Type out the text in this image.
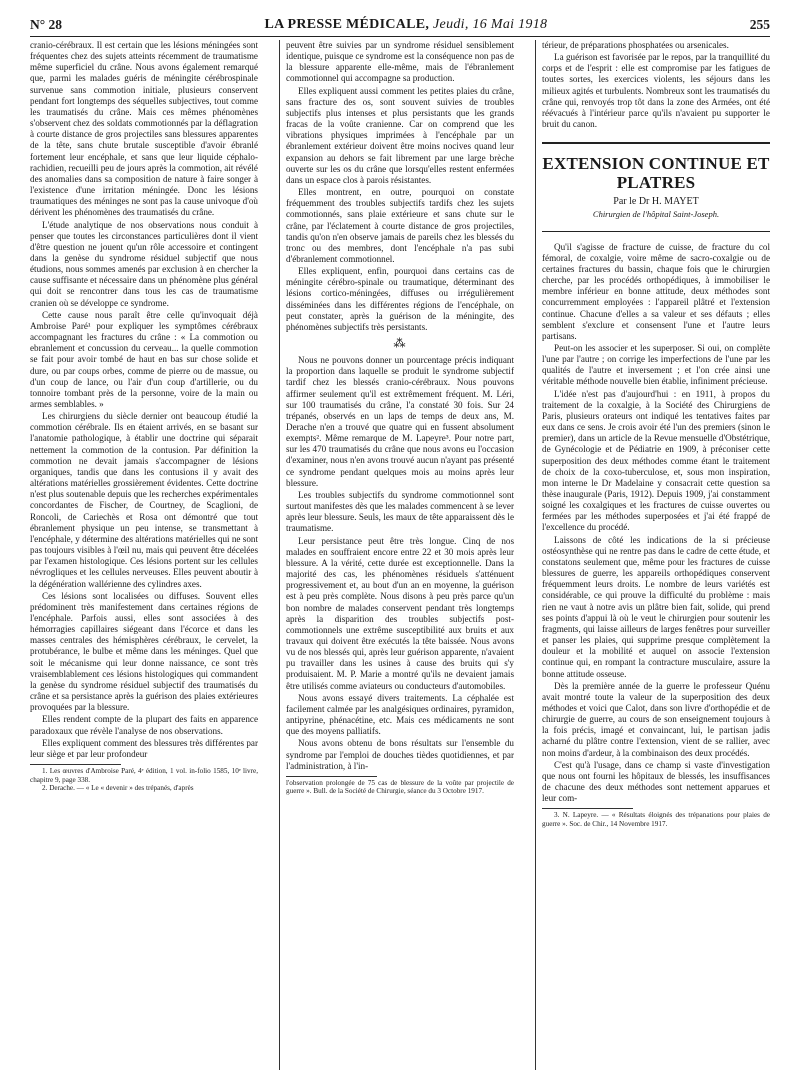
N° 28	LA PRESSE MÉDICALE, Jeudi, 16 Mai 1918	255

cranio-cérébraux. Il est certain que les lésions méningées sont fréquentes chez des sujets atteints récemment de traumatisme même superficiel du crâne. Nous avons également remarqué que, parmi les malades guéris de méningite cérébrospinale survenue sans commotion initiale, plusieurs conservent pendant fort longtemps des séquelles subjectives, tout comme les traumatisés du crâne. Mais ces mêmes phénomènes s'observent chez des soldats commotionnés par la déflagration à courte distance de gros projectiles sans blessures apparentes de la tête, sans chute brutale susceptible d'avoir ébranlé fortement leur encéphale, et sans que leur liquide céphalo-rachidien, recueilli peu de jours après la commotion, ait révélé des anomalies dans sa composition de nature à faire songer à l'existence d'une irritation méningée. Donc les lésions traumatiques des méninges ne sont pas la cause univoque d'où dérivent les phénomènes des traumatisés du crâne.

L'étude analytique de nos observations nous conduit à penser que toutes les circonstances particulières dont il vient d'être question ne jouent qu'un rôle accessoire et contingent dans la genèse du syndrome résiduel subjectif que nous étudions, nous sommes amenés par exclusion à en chercher la cause suffisante et nécessaire dans un phénomène plus général qui doit se rencontrer dans tous les cas de traumatisme cranien où se développe ce syndrome.

Cette cause nous paraît être celle qu'invoquait déjà Ambroise Paré¹ pour expliquer les symptômes cérébraux accompagnant les fractures du crâne : « La commotion ou ebranlement et concussion du cerveau... la quelle commotion se fait pour avoir tombé de haut en bas sur chose solide et dure, ou par coups orbes, comme de pierre ou de massue, ou d'un coup de lance, ou l'air d'un coup d'artillerie, ou du tonnoire tombant près de la personne, voire de la main ou armes semblables. »

Les chirurgiens du siècle dernier ont beaucoup étudié la commotion cérébrale. Ils en étaient arrivés, en se basant sur l'anatomie pathologique, à établir une doctrine qui séparait nettement la commotion de la contusion. Par définition la commotion ne devait jamais s'accompagner de lésions organiques, tandis que dans les contusions il y avait des altérations matérielles grossièrement évidentes. Cette doctrine n'est plus soutenable depuis que les recherches expérimentales concordantes de Fischer, de Courtney, de Scaglioni, de Roncoli, de Cariechès et Rosa ont démontré que tout ébranlement physique un peu intense, se transmettant à l'encéphale, y détermine des altérations matérielles qui ne sont pas toujours visibles à l'œil nu, mais qui peuvent être décelées par l'examen histologique. Ces lésions portent sur les cellules névrogliques et les cellules nerveuses. Elles peuvent aboutir à la dégénération wallérienne des cylindres axes.

Ces lésions sont localisées ou diffuses. Souvent elles prédominent très manifestement dans certaines régions de l'encéphale. Parfois aussi, elles sont associées à des hémorragies capillaires siégeant dans l'écorce et dans les masses centrales des hémisphères cérébraux, le cervelet, la protubérance, le bulbe et même dans les méninges. Quel que soit le mécanisme qui leur donne naissance, ce sont très vraisemblablement ces lésions histologiques qui commandent la genèse du syndrome résiduel subjectif des traumatisés du crâne et sa persistance après la guérison des plaies extérieures provoquées par la blessure.

Elles rendent compte de la plupart des faits en apparence paradoxaux que révèle l'analyse de nos observations.

Elles expliquent comment des blessures très différentes par leur siège et par leur profondeur

1. Les œuvres d'Ambroise Paré, 4ᵉ édition, 1 vol. in-folio 1585, 10ᵉ livre, chapitre 9, page 338.

2. Derache. — « Le « devenir » des trépanés, d'après

peuvent être suivies par un syndrome résiduel sensiblement identique, puisque ce syndrome est la conséquence non pas de la blessure apparente elle-même, mais de l'ébranlement commotionnel qui accompagne sa production.

Elles expliquent aussi comment les petites plaies du crâne, sans fracture des os, sont souvent suivies de troubles subjectifs plus intenses et plus persistants que les grands fracas de la voûte cranienne. Car on comprend que les vibrations physiques imprimées à l'encéphale par un ébranlement extérieur doivent être moins nocives quand leur expansion au dehors se fait librement par une large brèche ouverte sur les os du crâne que lorsqu'elles restent enfermées dans un espace clos à parois résistantes.

Elles montrent, en outre, pourquoi on constate fréquemment des troubles subjectifs tardifs chez les sujets commotionnés, sans plaie extérieure et sans chute sur le crâne, par l'éclatement à courte distance de gros projectiles, tandis qu'on n'en observe jamais de pareils chez les blessés du tronc ou des membres, dont l'encéphale n'a pas subi d'ébranlement commotionnel.

Elles expliquent, enfin, pourquoi dans certains cas de méningite cérébro-spinale ou traumatique, déterminant des lésions cortico-méningées, diffuses ou irrégulièrement disséminées dans les différentes régions de l'encéphale, on peut constater, après la guérison de la méningite, des phénomènes subjectifs très persistants.

⁂

Nous ne pouvons donner un pourcentage précis indiquant la proportion dans laquelle se produit le syndrome subjectif tardif chez les blessés cranio-cérébraux. Nous pouvons affirmer seulement qu'il est extrêmement fréquent. M. Léri, sur 100 traumatisés du crâne, l'a constaté 30 fois. Sur 24 trépanés, observés en un laps de temps de deux ans, M. Derache n'en a trouvé que quatre qui en fussent absolument exempts². Même remarque de M. Lapeyre³. Pour notre part, sur les 470 traumatisés du crâne que nous avons eu l'occasion d'examiner, nous n'en avons trouvé aucun n'ayant pas présenté ce syndrome pendant quelques mois au moins après leur blessure.

Les troubles subjectifs du syndrome commotionnel sont surtout manifestes dès que les malades commencent à se lever après leur blessure. Seuls, les maux de tête apparaissent dès le traumatisme.

Leur persistance peut être très longue. Cinq de nos malades en souffraient encore entre 22 et 30 mois après leur blessure. A la vérité, cette durée est exceptionnelle. Dans la majorité des cas, les phénomènes résiduels s'atténuent progressivement et, au bout d'un an en moyenne, la guérison est à peu près complète. Nous disons à peu près parce qu'un bon nombre de malades conservent pendant très longtemps après la disparition des troubles subjectifs post-commotionnels une extrême susceptibilité aux bruits et aux travaux qui doivent être exécutés la tête baissée. Nous avons vu de nos blessés qui, après leur guérison apparente, n'avaient pu travailler dans les usines à cause des bruits qui s'y produisaient. M. P. Marie a montré qu'ils ne devaient jamais être utilisés comme aviateurs ou conducteurs d'automobiles.

Nous avons essayé divers traitements. La céphalée est facilement calmée par les analgésiques ordinaires, pyramidon, antipyrine, phénacétine, etc. Mais ces médicaments ne sont que des moyens palliatifs.

Nous avons obtenu de bons résultats sur l'ensemble du syndrome par l'emploi de douches tièdes quotidiennes, et par l'administration, à l'in-

l'observation prolongée de 75 cas de blessure de la voûte par projectile de guerre ». Bull. de la Société de Chirurgie, séance du 3 Octobre 1917.

térieur, de préparations phosphatées ou arsenicales.

La guérison est favorisée par le repos, par la tranquillité du corps et de l'esprit : elle est compromise par les fatigues de toutes sortes, les exercices violents, les séjours dans les milieux agités et turbulents. Nombreux sont les traumatisés du crâne qui, renvoyés trop tôt dans la zone des Armées, ont été réévacués à l'intérieur parce qu'ils n'avaient pu supporter le bruit du canon.

EXTENSION CONTINUE ET PLATRES
Par le Dr H. MAYET
Chirurgien de l'hôpital Saint-Joseph.

Qu'il s'agisse de fracture de cuisse, de fracture du col fémoral, de coxalgie, voire même de sacro-coxalgie ou de certaines fractures du bassin, chaque fois que le chirurgien cherche, par les procédés orthopédiques, à immobiliser le membre inférieur en bonne attitude, deux méthodes sont concurremment employées : l'appareil plâtré et l'extension continue. Chacune d'elles a sa valeur et ses défauts ; elles semblent s'exclure et consensent l'une et l'autre leurs partisans.

Peut-on les associer et les superposer. Si oui, on complète l'une par l'autre ; on corrige les imperfections de l'une par les qualités de l'autre et inversement ; et l'on crée ainsi une véritable méthode nouvelle bien établie, infiniment précieuse.

L'idée n'est pas d'aujourd'hui : en 1911, à propos du traitement de la coxalgie, à la Société des Chirurgiens de Paris, plusieurs orateurs ont indiqué les tentatives faites par eux dans ce sens. Je crois avoir été l'un des premiers (sinon le premier), dans un article de la Revue mensuelle d'Obstétrique, de Gynécologie et de Pédiatrie en 1909, à préconiser cette superposition des deux méthodes comme étant le traitement de choix de la coxo-tuberculose, et, sous mon inspiration, mon interne le Dr Madelaine y consacrait cette question sa thèse inaugurale (Paris, 1912). Depuis 1909, j'ai constamment soigné les coxalgiques et les fractures de cuisse ouvertes ou fermées par les méthodes superposées et j'ai été frappé de l'excellence du procédé.

Laissons de côté les indications de la si précieuse ostéosynthèse qui ne rentre pas dans le cadre de cette étude, et constatons seulement que, même pour les fractures de cuisse blessures de guerre, les appareils orthopédiques conservent fréquemment leurs droits. Le nombre de leurs variétés est considérable, ce qui prouve la difficulté du problème : mais rien ne vaut à notre avis un plâtre bien fait, solide, qui prend ses points d'appui là où le veut le chirurgien pour soutenir les fragments, qui laisse ailleurs de larges fenêtres pour surveiller et panser les plaies, qui supprime presque complètement la douleur et la mobilité et auquel on associe l'extension continue qui, en rompant la contracture musculaire, assure la bonne attitude osseuse.

Dès la première année de la guerre le professeur Quénu avait montré toute la valeur de la superposition des deux méthodes et voici que Calot, dans son livre d'orthopédie et de chirurgie de guerre, au cours de son enseignement toujours à la fois précis, imagé et convaincant, lui, le partisan jadis acharné du plâtre contre l'extension, vient de se rallier, avec non moins d'ardeur, à la combinaison des deux procédés.

C'est qu'à l'usage, dans ce champ si vaste d'investigation que nous ont fourni les hôpitaux de blessés, les insuffisances de chacune des deux méthodes sont nettement apparues et leur com-

3. N. Lapeyre. — « Résultats éloignés des trépanations pour plaies de guerre ». Soc. de Chir., 14 Novembre 1917.
